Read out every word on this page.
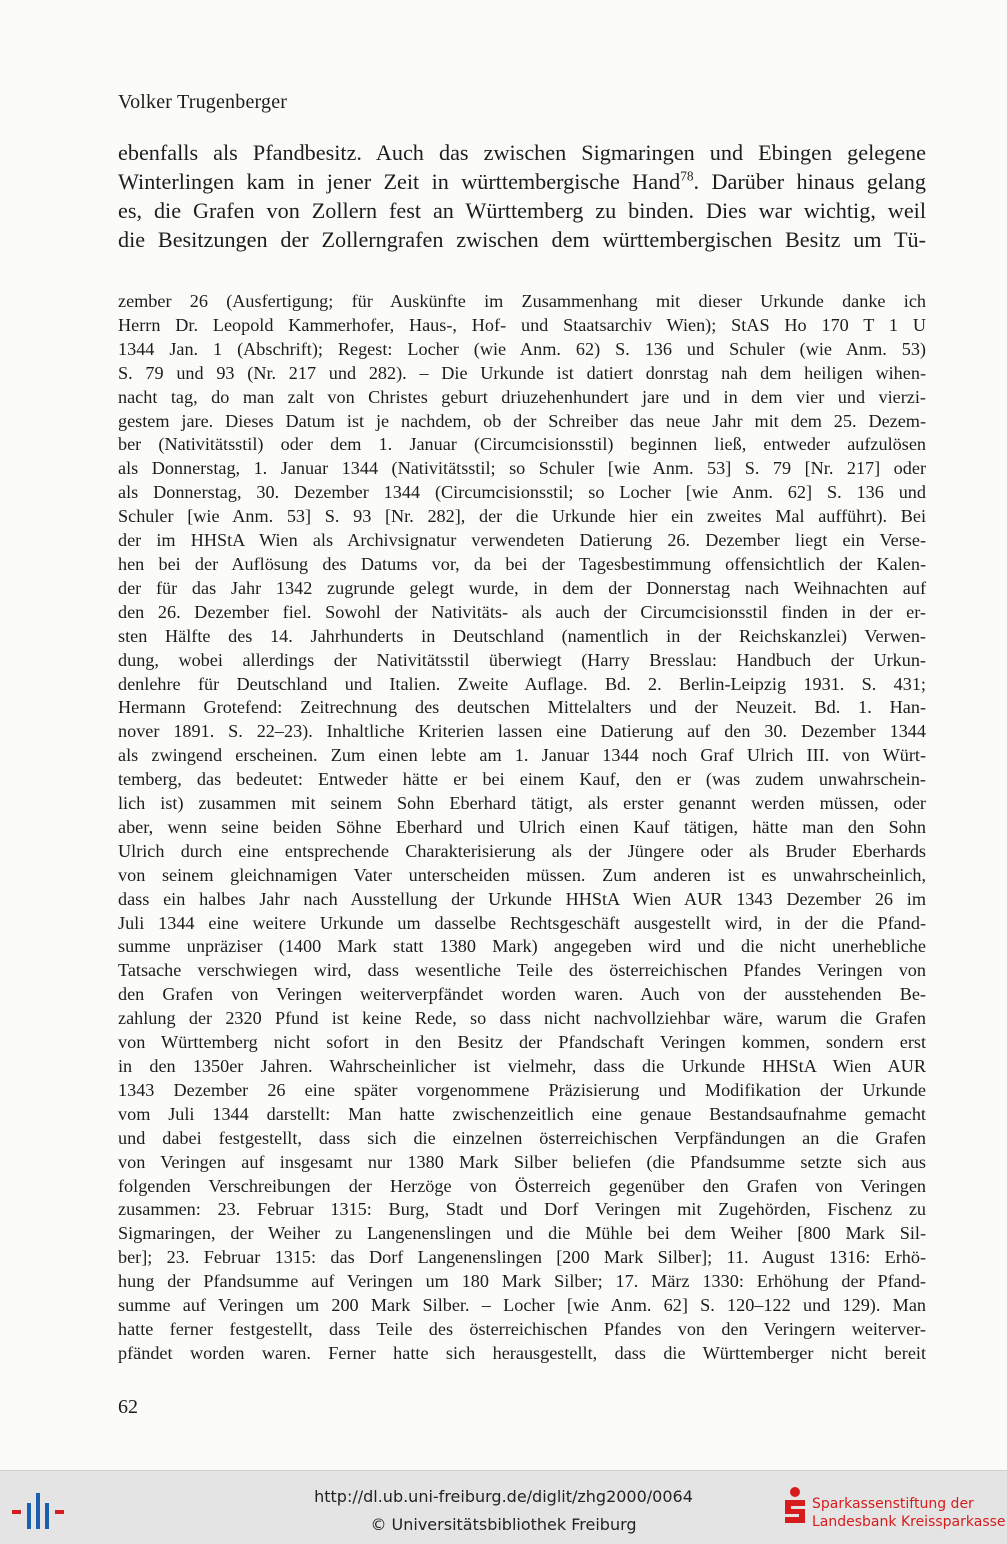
Volker Trugenberger
ebenfalls als Pfandbesitz. Auch das zwischen Sigmaringen und Ebingen gelegene
Winterlingen kam in jener Zeit in württembergische Hand$^{78}$. Darüber hinaus gelang
es, die Grafen von Zollern fest an Württemberg zu binden. Dies war wichtig, weil
die Besitzungen der Zollerngrafen zwischen dem württembergischen Besitz um Tü-
zember 26 (Ausfertigung; für Auskünfte im Zusammenhang mit dieser Urkunde danke ich
Herrn Dr. Leopold Kammerhofer, Haus-, Hof- und Staatsarchiv Wien); StAS Ho 170 T 1 U
1344 Jan. 1 (Abschrift); Regest: Locher (wie Anm. 62) S. 136 und Schuler (wie Anm. 53)
S. 79 und 93 (Nr. 217 und 282). – Die Urkunde ist datiert donrstag nah dem heiligen wihen-
nacht tag, do man zalt von Christes geburt driuzehenhundert jare und in dem vier und vierzi-
gestem jare. Dieses Datum ist je nachdem, ob der Schreiber das neue Jahr mit dem 25. Dezem-
ber (Nativitätsstil) oder dem 1. Januar (Circumcisionsstil) beginnen ließ, entweder aufzulösen
als Donnerstag, 1. Januar 1344 (Nativitätsstil; so Schuler [wie Anm. 53] S. 79 [Nr. 217] oder
als Donnerstag, 30. Dezember 1344 (Circumcisionsstil; so Locher [wie Anm. 62] S. 136 und
Schuler [wie Anm. 53] S. 93 [Nr. 282], der die Urkunde hier ein zweites Mal aufführt). Bei
der im HHStA Wien als Archivsignatur verwendeten Datierung 26. Dezember liegt ein Verse-
hen bei der Auflösung des Datums vor, da bei der Tagesbestimmung offensichtlich der Kalen-
der für das Jahr 1342 zugrunde gelegt wurde, in dem der Donnerstag nach Weihnachten auf
den 26. Dezember fiel. Sowohl der Nativitäts- als auch der Circumcisionsstil finden in der er-
sten Hälfte des 14. Jahrhunderts in Deutschland (namentlich in der Reichskanzlei) Verwen-
dung, wobei allerdings der Nativitätsstil überwiegt (Harry Bresslau: Handbuch der Urkun-
denlehre für Deutschland und Italien. Zweite Auflage. Bd. 2. Berlin-Leipzig 1931. S. 431;
Hermann Grotefend: Zeitrechnung des deutschen Mittelalters und der Neuzeit. Bd. 1. Han-
nover 1891. S. 22–23). Inhaltliche Kriterien lassen eine Datierung auf den 30. Dezember 1344
als zwingend erscheinen. Zum einen lebte am 1. Januar 1344 noch Graf Ulrich III. von Würt-
temberg, das bedeutet: Entweder hätte er bei einem Kauf, den er (was zudem unwahrschein-
lich ist) zusammen mit seinem Sohn Eberhard tätigt, als erster genannt werden müssen, oder
aber, wenn seine beiden Söhne Eberhard und Ulrich einen Kauf tätigen, hätte man den Sohn
Ulrich durch eine entsprechende Charakterisierung als der Jüngere oder als Bruder Eberhards
von seinem gleichnamigen Vater unterscheiden müssen. Zum anderen ist es unwahrscheinlich,
dass ein halbes Jahr nach Ausstellung der Urkunde HHStA Wien AUR 1343 Dezember 26 im
Juli 1344 eine weitere Urkunde um dasselbe Rechtsgeschäft ausgestellt wird, in der die Pfand-
summe unpräziser (1400 Mark statt 1380 Mark) angegeben wird und die nicht unerhebliche
Tatsache verschwiegen wird, dass wesentliche Teile des österreichischen Pfandes Veringen von
den Grafen von Veringen weiterverpfändet worden waren. Auch von der ausstehenden Be-
zahlung der 2320 Pfund ist keine Rede, so dass nicht nachvollziehbar wäre, warum die Grafen
von Württemberg nicht sofort in den Besitz der Pfandschaft Veringen kommen, sondern erst
in den 1350er Jahren. Wahrscheinlicher ist vielmehr, dass die Urkunde HHStA Wien AUR
1343 Dezember 26 eine später vorgenommene Präzisierung und Modifikation der Urkunde
vom Juli 1344 darstellt: Man hatte zwischenzeitlich eine genaue Bestandsaufnahme gemacht
und dabei festgestellt, dass sich die einzelnen österreichischen Verpfändungen an die Grafen
von Veringen auf insgesamt nur 1380 Mark Silber beliefen (die Pfandsumme setzte sich aus
folgenden Verschreibungen der Herzöge von Österreich gegenüber den Grafen von Veringen
zusammen: 23. Februar 1315: Burg, Stadt und Dorf Veringen mit Zugehörden, Fischenz zu
Sigmaringen, der Weiher zu Langenenslingen und die Mühle bei dem Weiher [800 Mark Sil-
ber]; 23. Februar 1315: das Dorf Langenenslingen [200 Mark Silber]; 11. August 1316: Erhö-
hung der Pfandsumme auf Veringen um 180 Mark Silber; 17. März 1330: Erhöhung der Pfand-
summe auf Veringen um 200 Mark Silber. – Locher [wie Anm. 62] S. 120–122 und 129). Man
hatte ferner festgestellt, dass Teile des österreichischen Pfandes von den Veringern weiterver-
pfändet worden waren. Ferner hatte sich herausgestellt, dass die Württemberger nicht bereit
62
http://dl.ub.uni-freiburg.de/diglit/zhg2000/0064
© Universitätsbibliothek Freiburg
Sparkassenstiftung der
Landesbank Kreissparkasse
